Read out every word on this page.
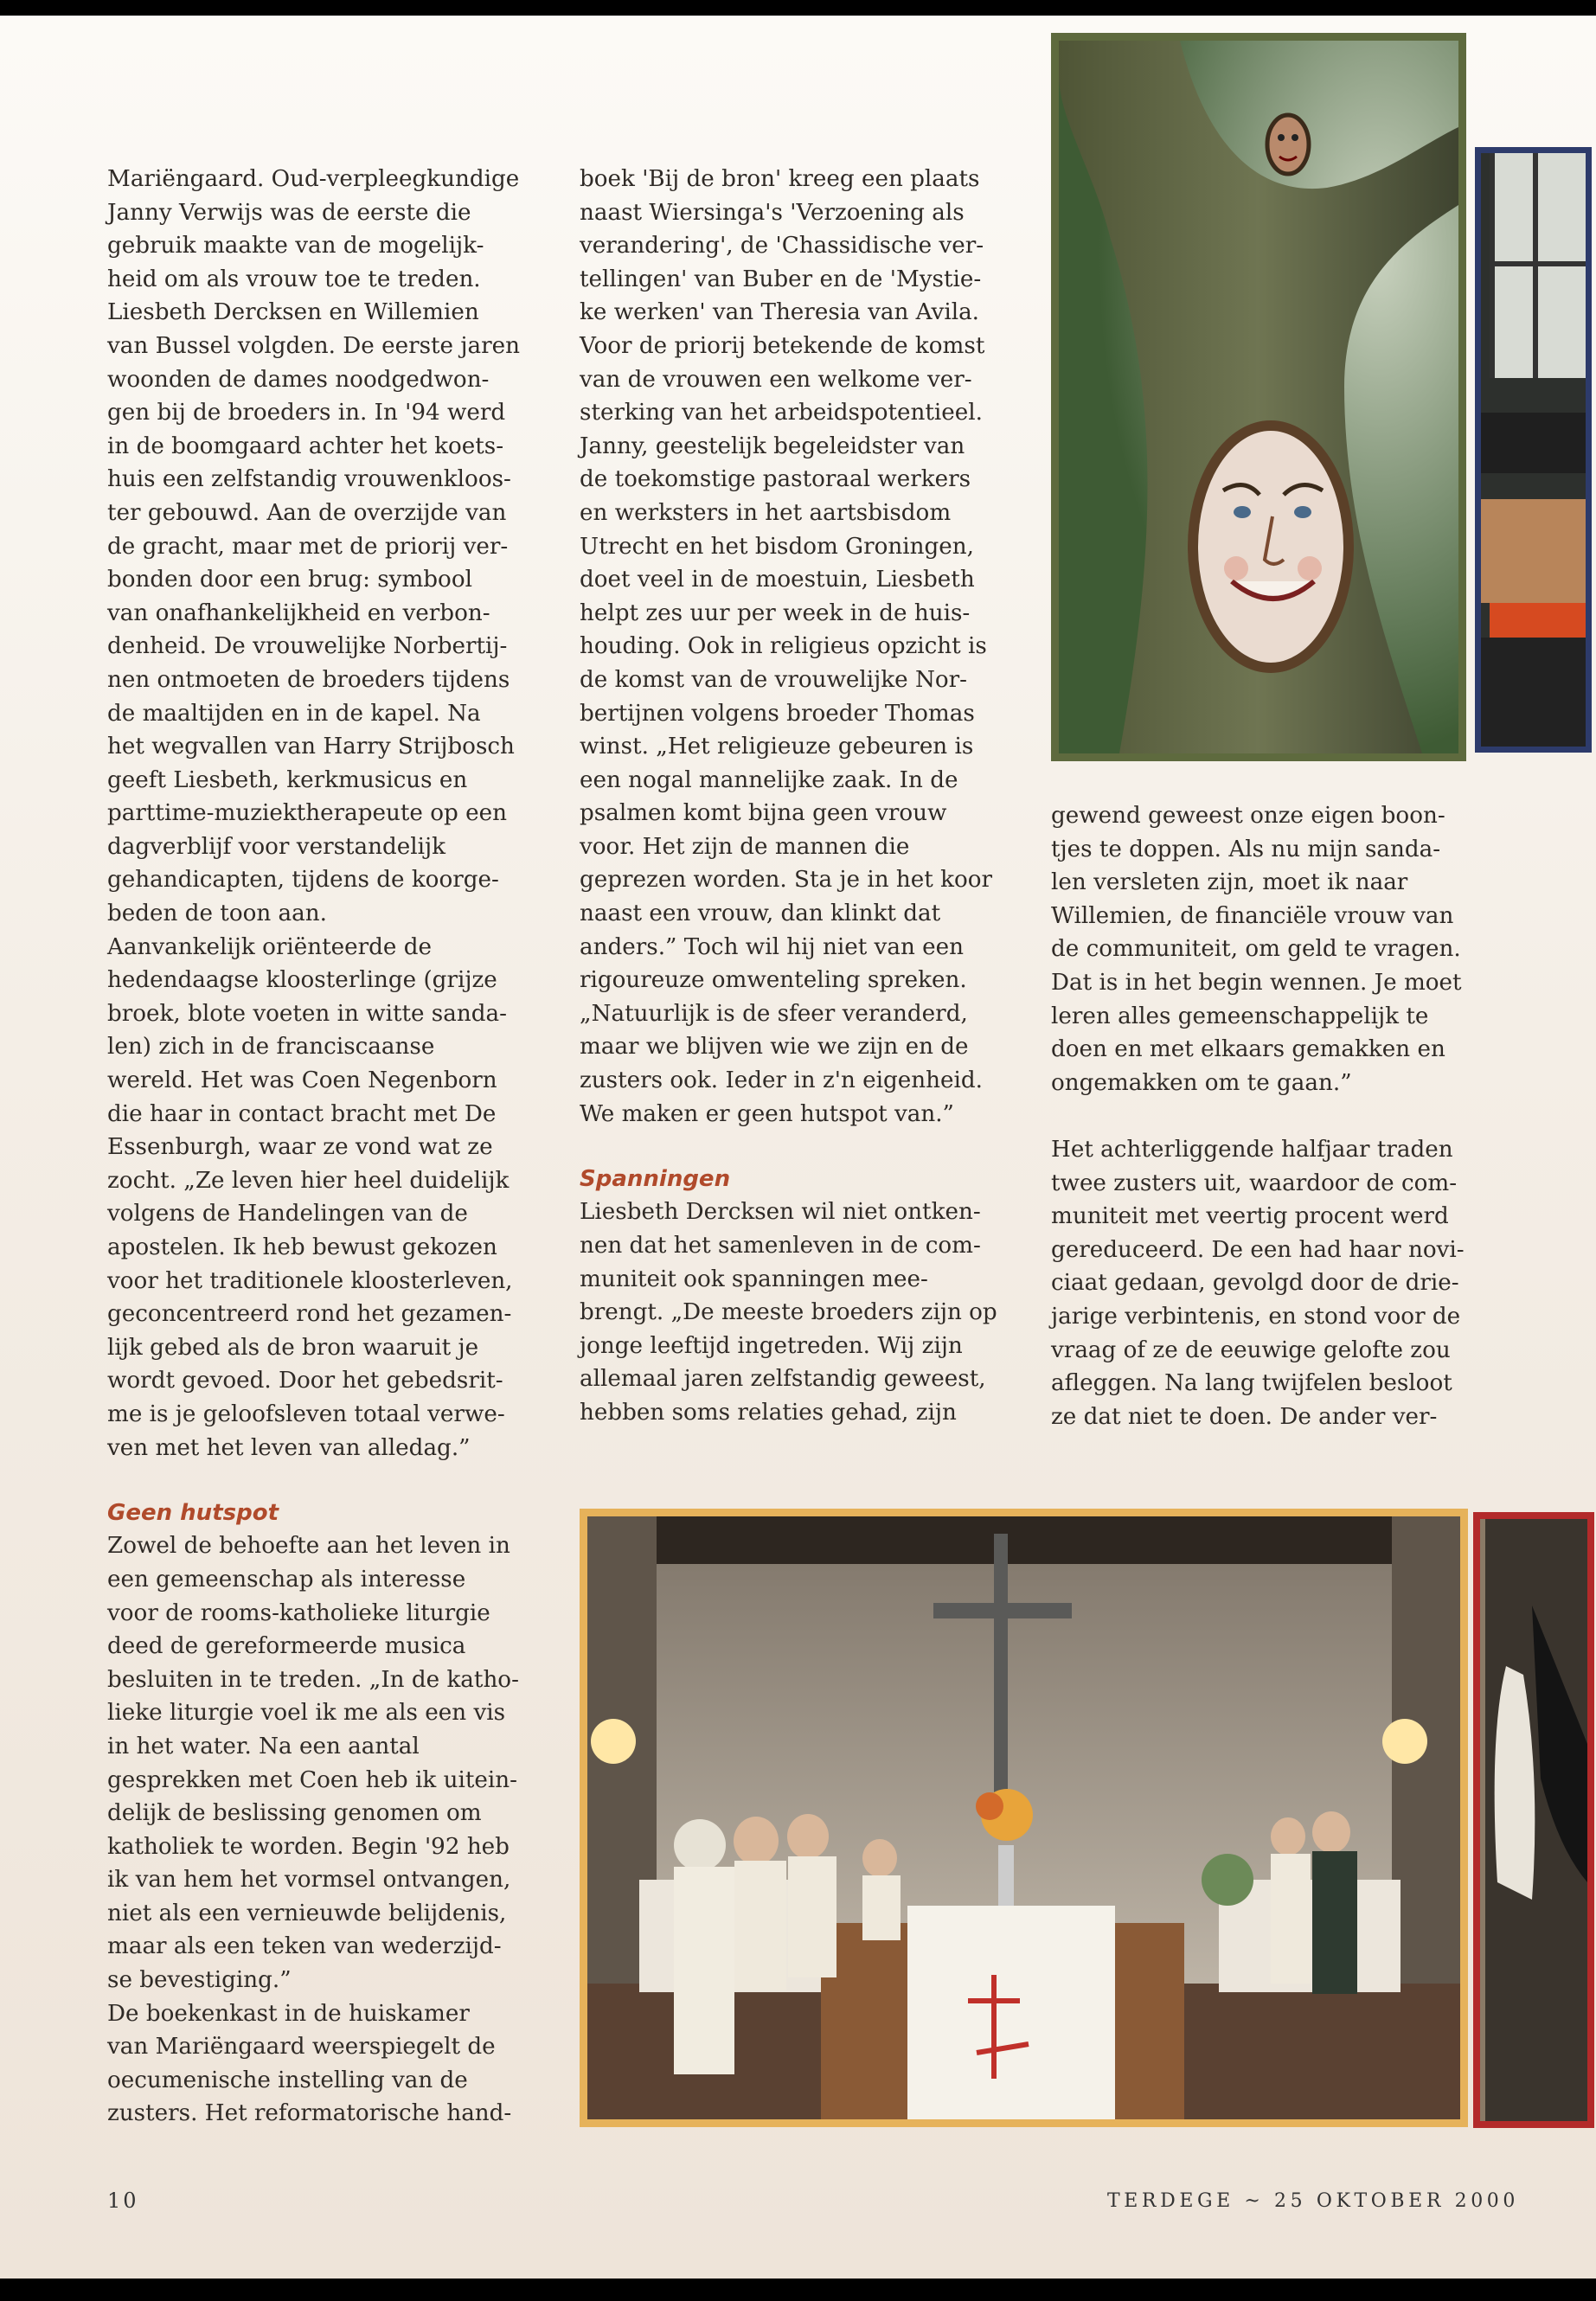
Mariëngaard. Oud-verpleegkundige
Janny Verwijs was de eerste die
gebruik maakte van de mogelijk-
heid om als vrouw toe te treden.
Liesbeth Dercksen en Willemien
van Bussel volgden. De eerste jaren
woonden de dames noodgedwon-
gen bij de broeders in. In '94 werd
in de boomgaard achter het koets-
huis een zelfstandig vrouwenkloos-
ter gebouwd. Aan de overzijde van
de gracht, maar met de priorij ver-
bonden door een brug: symbool
van onafhankelijkheid en verbon-
denheid. De vrouwelijke Norbertij-
nen ontmoeten de broeders tijdens
de maaltijden en in de kapel. Na
het wegvallen van Harry Strijbosch
geeft Liesbeth, kerkmusicus en
parttime-muziektherapeute op een
dagverblijf voor verstandelijk
gehandicapten, tijdens de koorge-
beden de toon aan.
Aanvankelijk oriënteerde de
hedendaagse kloosterlinge (grijze
broek, blote voeten in witte sanda-
len) zich in de franciscaanse
wereld. Het was Coen Negenborn
die haar in contact bracht met De
Essenburgh, waar ze vond wat ze
zocht. „Ze leven hier heel duidelijk
volgens de Handelingen van de
apostelen. Ik heb bewust gekozen
voor het traditionele kloosterleven,
geconcentreerd rond het gezamen-
lijk gebed als de bron waaruit je
wordt gevoed. Door het gebedsrit-
me is je geloofsleven totaal verwe-
ven met het leven van alledag.”
Geen hutspot
Zowel de behoefte aan het leven in
een gemeenschap als interesse
voor de rooms-katholieke liturgie
deed de gereformeerde musica
besluiten in te treden. „In de katho-
lieke liturgie voel ik me als een vis
in het water. Na een aantal
gesprekken met Coen heb ik uitein-
delijk de beslissing genomen om
katholiek te worden. Begin '92 heb
ik van hem het vormsel ontvangen,
niet als een vernieuwde belijdenis,
maar als een teken van wederzijd-
se bevestiging.”
De boekenkast in de huiskamer
van Mariëngaard weerspiegelt de
oecumenische instelling van de
zusters. Het reformatorische hand-
boek 'Bij de bron' kreeg een plaats
naast Wiersinga's 'Verzoening als
verandering', de 'Chassidische ver-
tellingen' van Buber en de 'Mystie-
ke werken' van Theresia van Avila.
Voor de priorij betekende de komst
van de vrouwen een welkome ver-
sterking van het arbeidspotentieel.
Janny, geestelijk begeleidster van
de toekomstige pastoraal werkers
en werksters in het aartsbisdom
Utrecht en het bisdom Groningen,
doet veel in de moestuin, Liesbeth
helpt zes uur per week in de huis-
houding. Ook in religieus opzicht is
de komst van de vrouwelijke Nor-
bertijnen volgens broeder Thomas
winst. „Het religieuze gebeuren is
een nogal mannelijke zaak. In de
psalmen komt bijna geen vrouw
voor. Het zijn de mannen die
geprezen worden. Sta je in het koor
naast een vrouw, dan klinkt dat
anders.” Toch wil hij niet van een
rigoureuze omwenteling spreken.
„Natuurlijk is de sfeer veranderd,
maar we blijven wie we zijn en de
zusters ook. Ieder in z'n eigenheid.
We maken er geen hutspot van.”
Spanningen
Liesbeth Dercksen wil niet ontken-
nen dat het samenleven in de com-
muniteit ook spanningen mee-
brengt. „De meeste broeders zijn op
jonge leeftijd ingetreden. Wij zijn
allemaal jaren zelfstandig geweest,
hebben soms relaties gehad, zijn
gewend geweest onze eigen boon-
tjes te doppen. Als nu mijn sanda-
len versleten zijn, moet ik naar
Willemien, de financiële vrouw van
de communiteit, om geld te vragen.
Dat is in het begin wennen. Je moet
leren alles gemeenschappelijk te
doen en met elkaars gemakken en
ongemakken om te gaan.”
Het achterliggende halfjaar traden
twee zusters uit, waardoor de com-
muniteit met veertig procent werd
gereduceerd. De een had haar novi-
ciaat gedaan, gevolgd door de drie-
jarige verbintenis, en stond voor de
vraag of ze de eeuwige gelofte zou
afleggen. Na lang twijfelen besloot
ze dat niet te doen. De ander ver-
10	TERDEGE ~ 25 OKTOBER 2000
